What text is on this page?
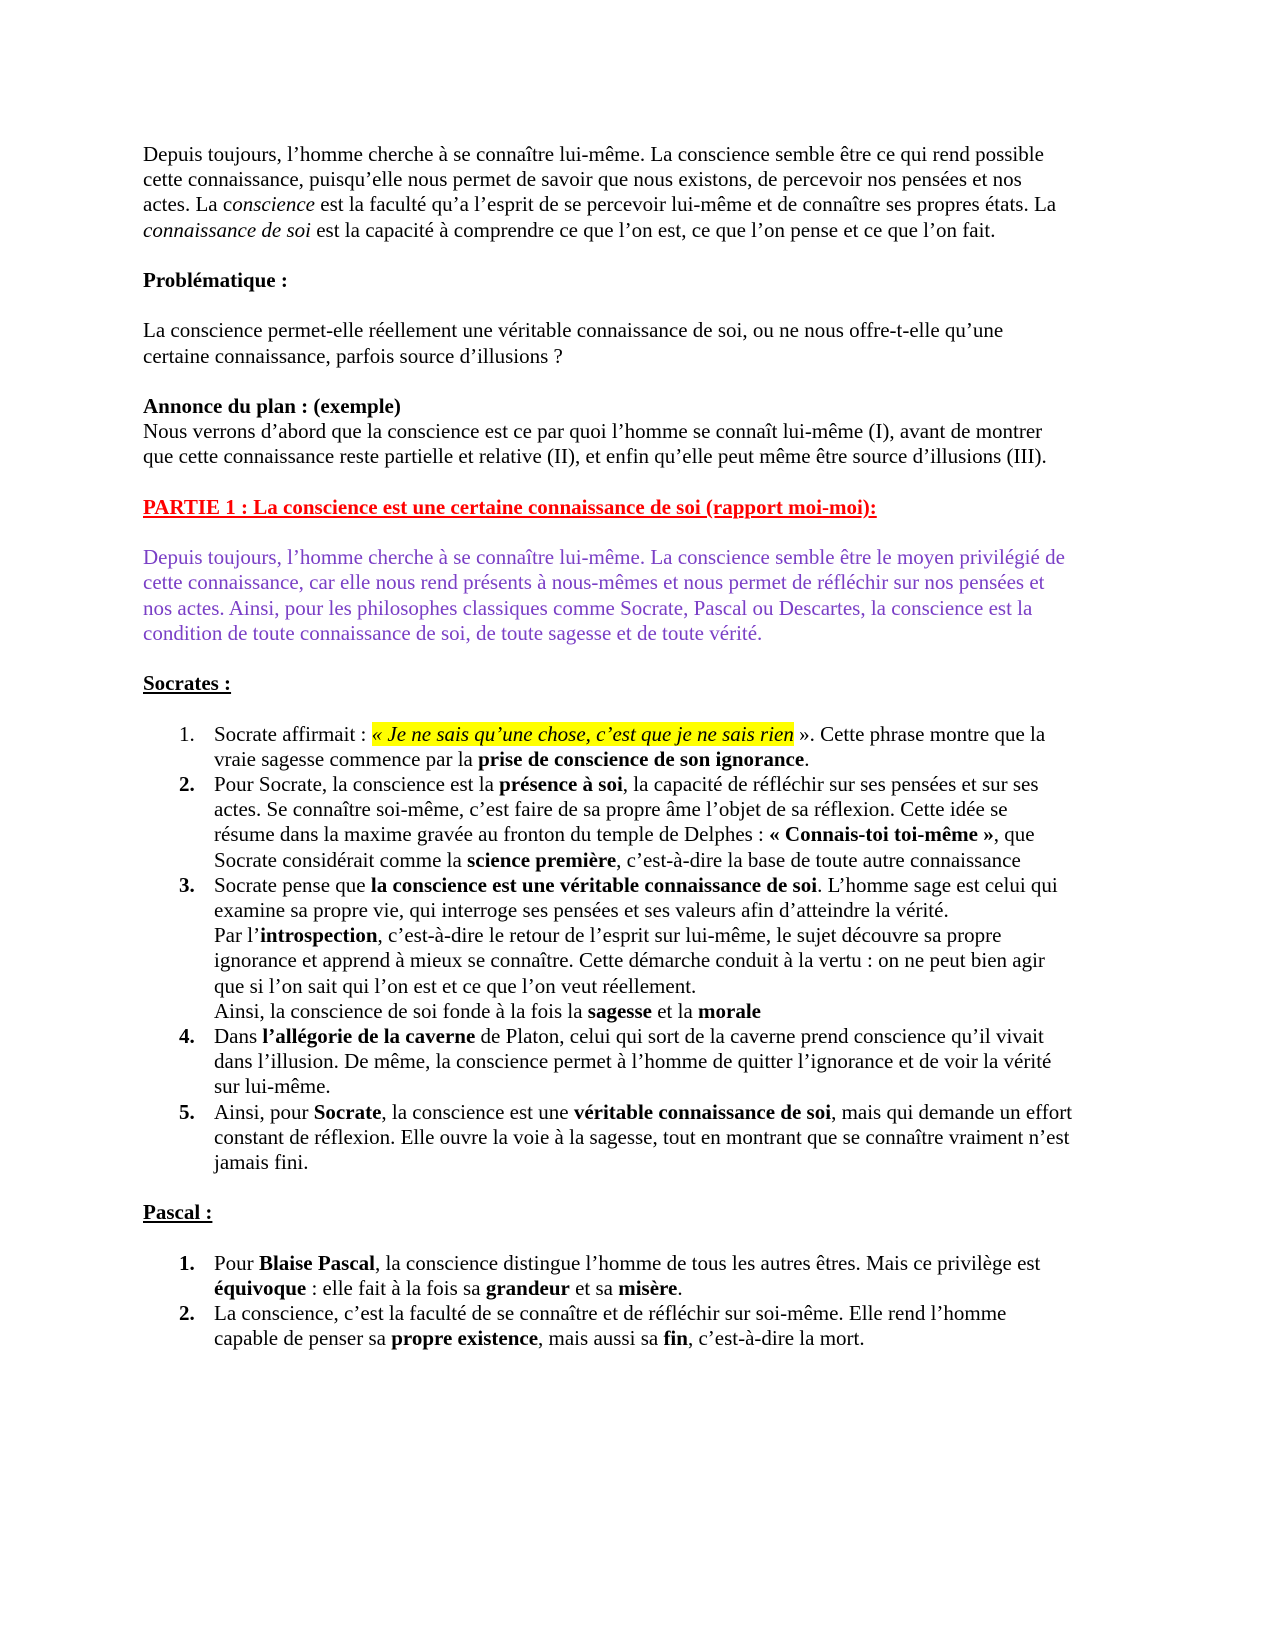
Depuis toujours, l’homme cherche à se connaître lui-même. La conscience semble être ce qui rend possible cette connaissance, puisqu’elle nous permet de savoir que nous existons, de percevoir nos pensées et nos actes. La conscience est la faculté qu’a l’esprit de se percevoir lui-même et de connaître ses propres états. La connaissance de soi est la capacité à comprendre ce que l’on est, ce que l’on pense et ce que l’on fait.

Problématique :

La conscience permet-elle réellement une véritable connaissance de soi, ou ne nous offre-t-elle qu’une certaine connaissance, parfois source d’illusions ?

Annonce du plan : (exemple)

Nous verrons d’abord que la conscience est ce par quoi l’homme se connaît lui-même (I), avant de montrer que cette connaissance reste partielle et relative (II), et enfin qu’elle peut même être source d’illusions (III).

PARTIE 1 : La conscience est une certaine connaissance de soi (rapport moi-moi):

Depuis toujours, l’homme cherche à se connaître lui-même. La conscience semble être le moyen privilégié de cette connaissance, car elle nous rend présents à nous-mêmes et nous permet de réfléchir sur nos pensées et nos actes. Ainsi, pour les philosophes classiques comme Socrate, Pascal ou Descartes, la conscience est la condition de toute connaissance de soi, de toute sagesse et de toute vérité.

Socrates :

1. Socrate affirmait : « Je ne sais qu’une chose, c’est que je ne sais rien ». Cette phrase montre que la vraie sagesse commence par la prise de conscience de son ignorance.
2. Pour Socrate, la conscience est la présence à soi, la capacité de réfléchir sur ses pensées et sur ses actes. Se connaître soi-même, c’est faire de sa propre âme l’objet de sa réflexion. Cette idée se résume dans la maxime gravée au fronton du temple de Delphes : « Connais-toi toi-même », que Socrate considérait comme la science première, c’est-à-dire la base de toute autre connaissance
3. Socrate pense que la conscience est une véritable connaissance de soi. L’homme sage est celui qui examine sa propre vie, qui interroge ses pensées et ses valeurs afin d’atteindre la vérité.
Par l’introspection, c’est-à-dire le retour de l’esprit sur lui-même, le sujet découvre sa propre ignorance et apprend à mieux se connaître. Cette démarche conduit à la vertu : on ne peut bien agir que si l’on sait qui l’on est et ce que l’on veut réellement.
Ainsi, la conscience de soi fonde à la fois la sagesse et la morale
4. Dans l’allégorie de la caverne de Platon, celui qui sort de la caverne prend conscience qu’il vivait dans l’illusion. De même, la conscience permet à l’homme de quitter l’ignorance et de voir la vérité sur lui-même.
5. Ainsi, pour Socrate, la conscience est une véritable connaissance de soi, mais qui demande un effort constant de réflexion. Elle ouvre la voie à la sagesse, tout en montrant que se connaître vraiment n’est jamais fini.

Pascal :

1. Pour Blaise Pascal, la conscience distingue l’homme de tous les autres êtres. Mais ce privilège est équivoque : elle fait à la fois sa grandeur et sa misère.
2. La conscience, c’est la faculté de se connaître et de réfléchir sur soi-même. Elle rend l’homme capable de penser sa propre existence, mais aussi sa fin, c’est-à-dire la mort.
